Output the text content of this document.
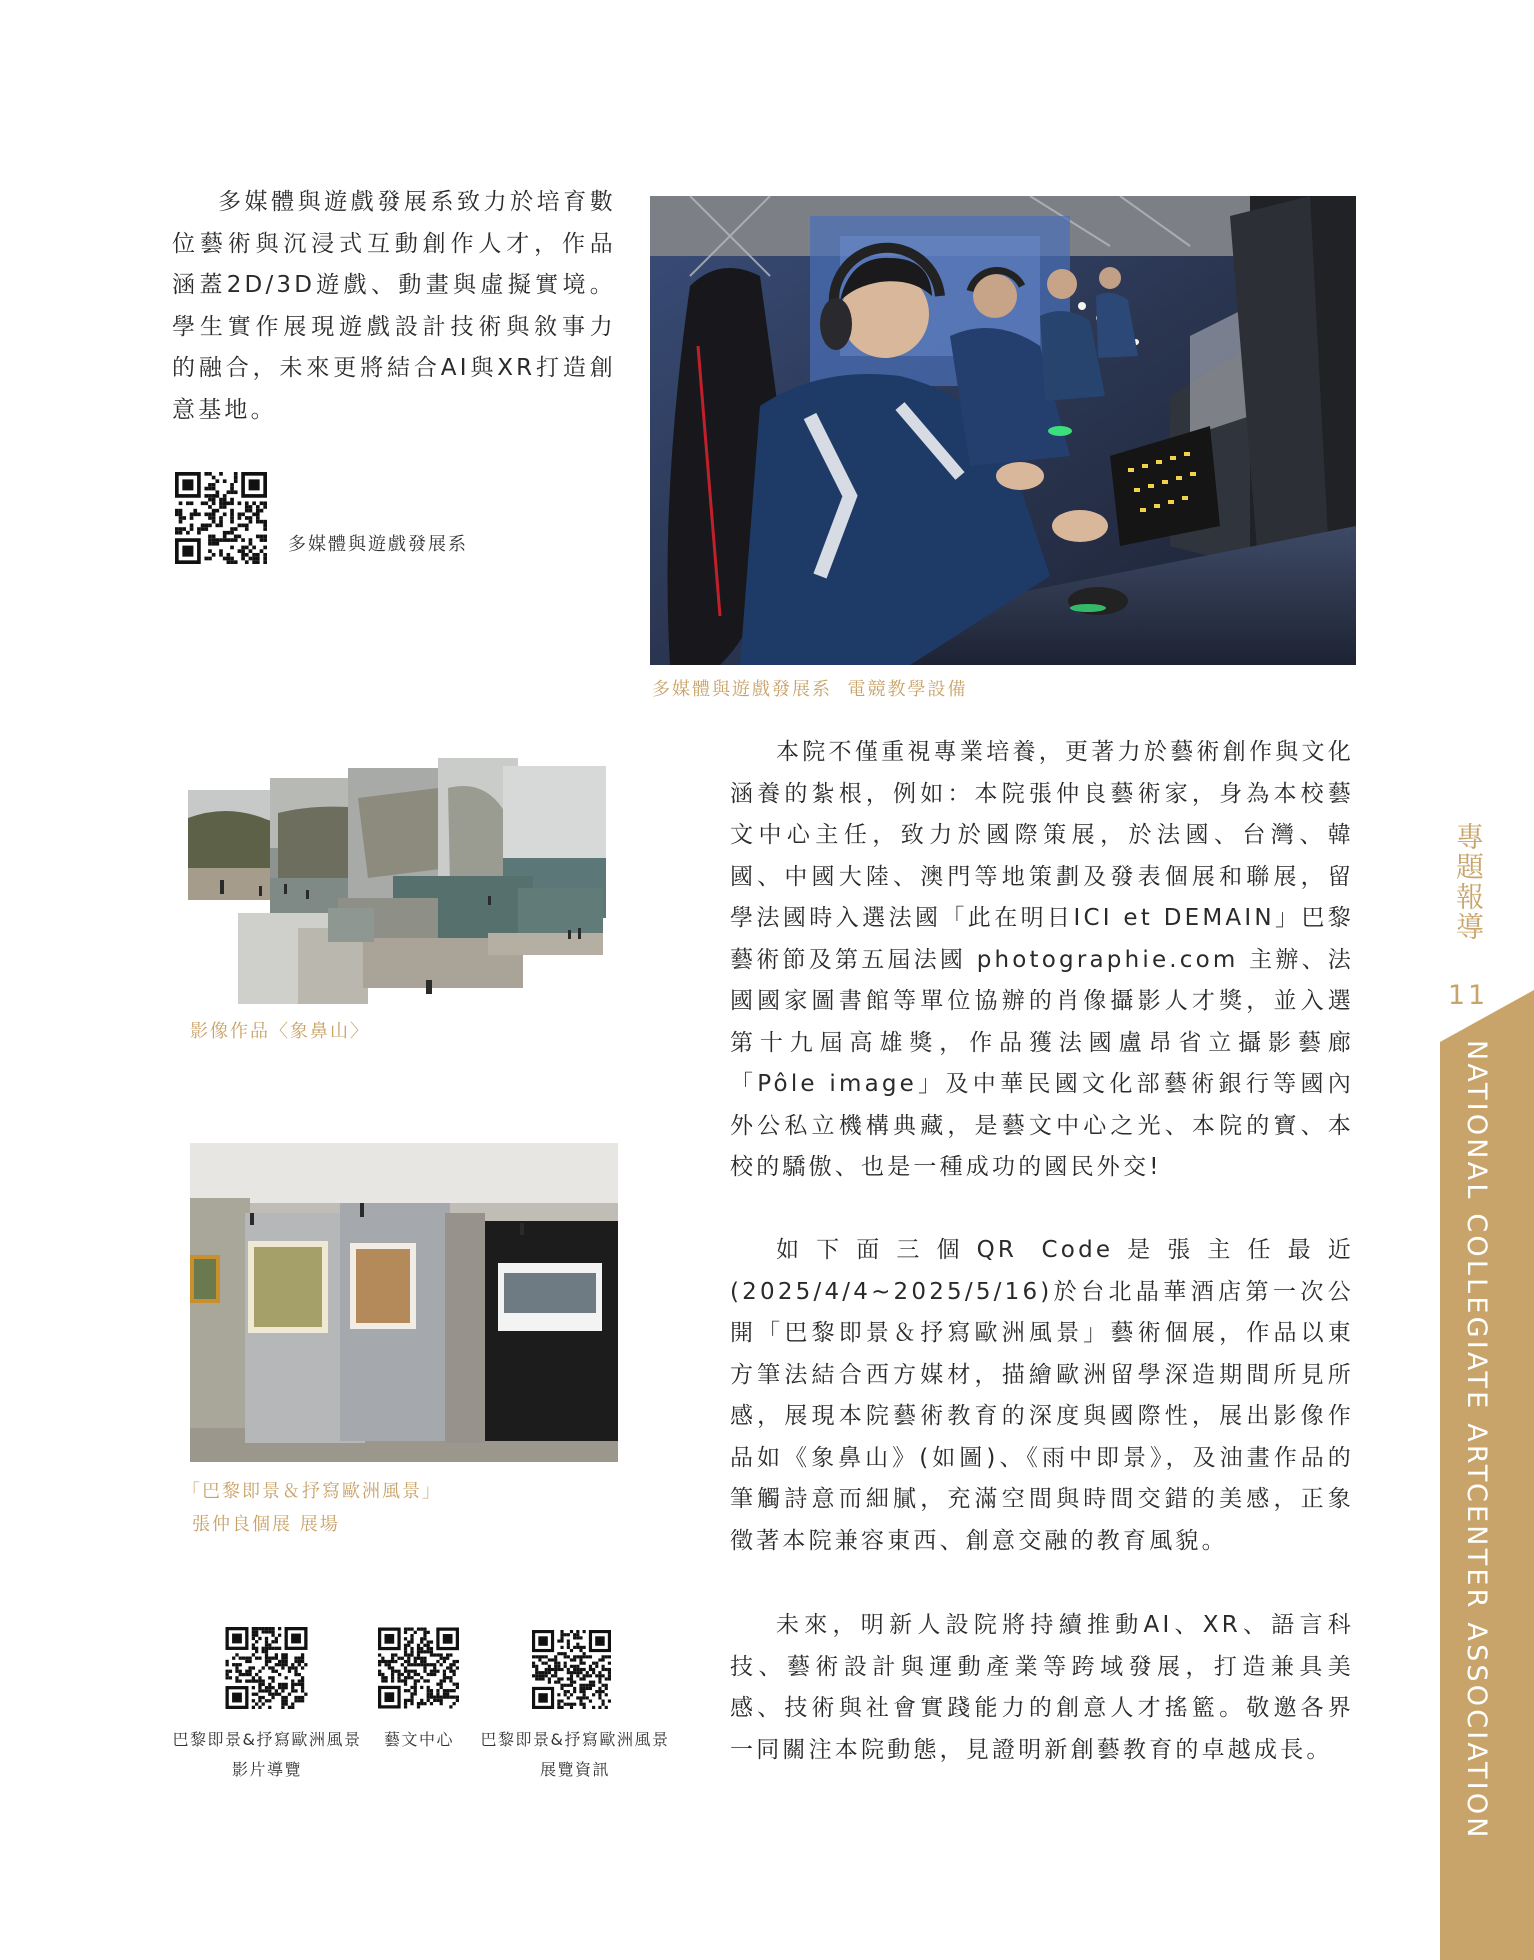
多媒體與遊戲發展系致力於培育數位藝術與沉浸式互動創作人才，作品涵蓋2D/3D遊戲、動畫與虛擬實境。學生實作展現遊戲設計技術與敘事力的融合，未來更將結合AI與XR打造創意基地。

多媒體與遊戲發展系
多媒體與遊戲發展系  電競教學設備
影像作品〈象鼻山〉
「巴黎即景＆抒寫歐洲風景」
張仲良個展 展場

本院不僅重視專業培養，更著力於藝術創作與文化涵養的紮根，例如：本院張仲良藝術家，身為本校藝文中心主任，致力於國際策展，於法國、台灣、韓國、中國大陸、澳門等地策劃及發表個展和聯展，留學法國時入選法國「此在明日ICI et DEMAIN」巴黎藝術節及第五屆法國 photographie.com 主辦、法國國家圖書館等單位協辦的肖像攝影人才獎，並入選第十九屆高雄獎，作品獲法國盧昂省立攝影藝廊「Pôle image」及中華民國文化部藝術銀行等國內外公私立機構典藏，是藝文中心之光、本院的寶、本校的驕傲、也是一種成功的國民外交!

如下面三個QR Code是張主任最近(2025/4/4~2025/5/16)於台北晶華酒店第一次公開「巴黎即景＆抒寫歐洲風景」藝術個展，作品以東方筆法結合西方媒材，描繪歐洲留學深造期間所見所感，展現本院藝術教育的深度與國際性，展出影像作品如《象鼻山》(如圖)、《雨中即景》，及油畫作品的筆觸詩意而細膩，充滿空間與時間交錯的美感，正象徵著本院兼容東西、創意交融的教育風貌。

未來，明新人設院將持續推動AI、XR、語言科技、藝術設計與運動產業等跨域發展，打造兼具美感、技術與社會實踐能力的創意人才搖籃。敬邀各界一同關注本院動態，見證明新創藝教育的卓越成長。

巴黎即景&抒寫歐洲風景
影片導覽
藝文中心	巴黎即景&抒寫歐洲風景
展覽資訊
專題報導
11
NATIONAL COLLEGIATE ARTCENTER ASSOCIATION
